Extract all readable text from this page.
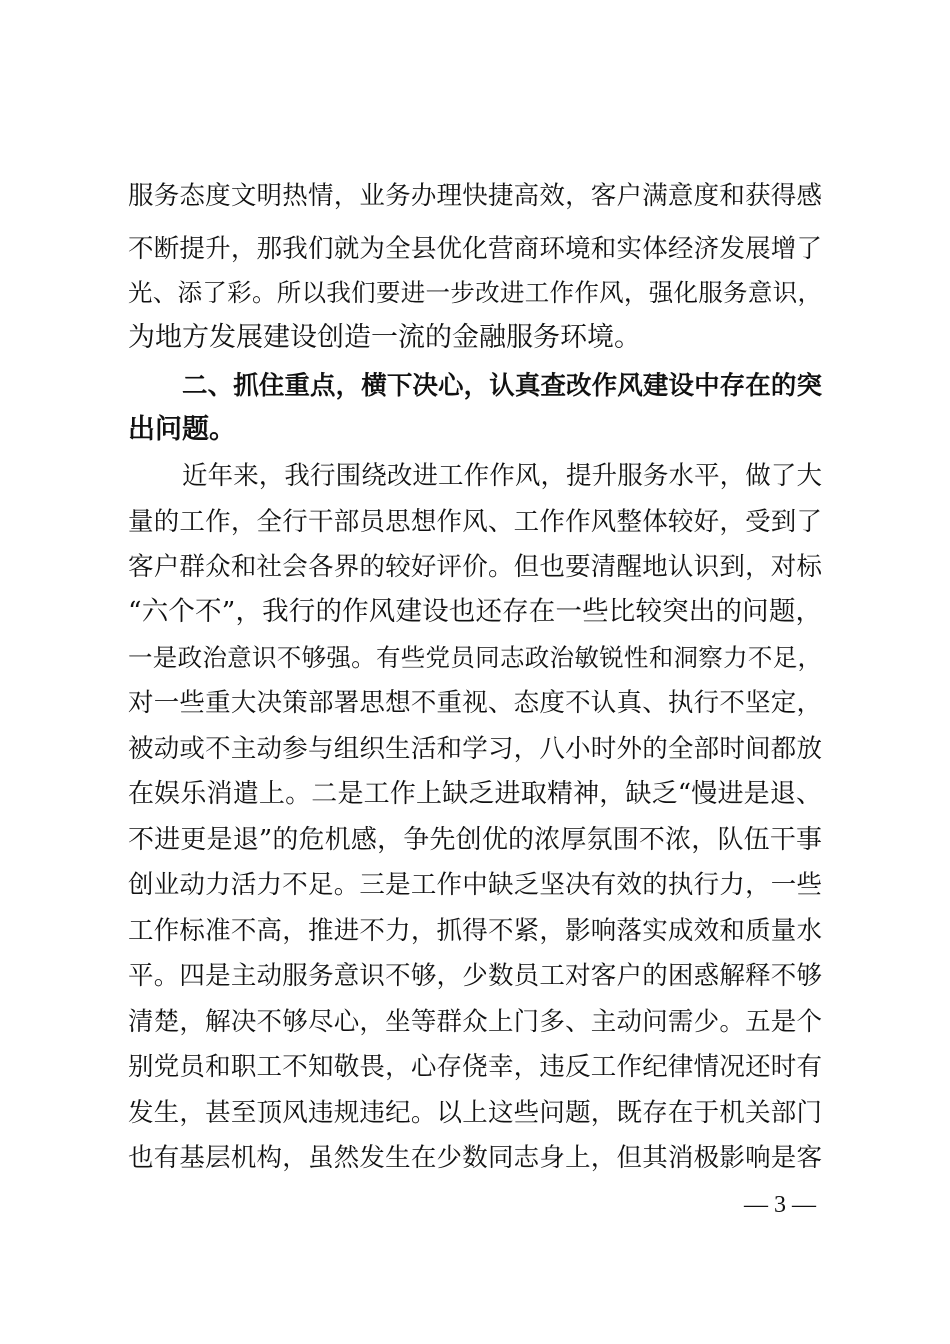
服务态度文明热情，业务办理快捷高效，客户满意度和获得感
不断提升，那我们就为全县优化营商环境和实体经济发展增了
光、添了彩。所以我们要进一步改进工作作风，强化服务意识，
为地方发展建设创造一流的金融服务环境。
二、抓住重点，横下决心，认真查改作风建设中存在的突
出问题。
近年来，我行围绕改进工作作风，提升服务水平，做了大
量的工作，全行干部员思想作风、工作作风整体较好，受到了
客户群众和社会各界的较好评价。但也要清醒地认识到，对标
“六个不”，我行的作风建设也还存在一些比较突出的问题，
一是政治意识不够强。有些党员同志政治敏锐性和洞察力不足，
对一些重大决策部署思想不重视、态度不认真、执行不坚定，
被动或不主动参与组织生活和学习，八小时外的全部时间都放
在娱乐消遣上。二是工作上缺乏进取精神，缺乏“慢进是退、
不进更是退”的危机感，争先创优的浓厚氛围不浓，队伍干事
创业动力活力不足。三是工作中缺乏坚决有效的执行力，一些
工作标准不高，推进不力，抓得不紧，影响落实成效和质量水
平。四是主动服务意识不够，少数员工对客户的困惑解释不够
清楚，解决不够尽心，坐等群众上门多、主动问需少。五是个
别党员和职工不知敬畏，心存侥幸，违反工作纪律情况还时有
发生，甚至顶风违规违纪。以上这些问题，既存在于机关部门
也有基层机构，虽然发生在少数同志身上，但其消极影响是客
— 3 —
